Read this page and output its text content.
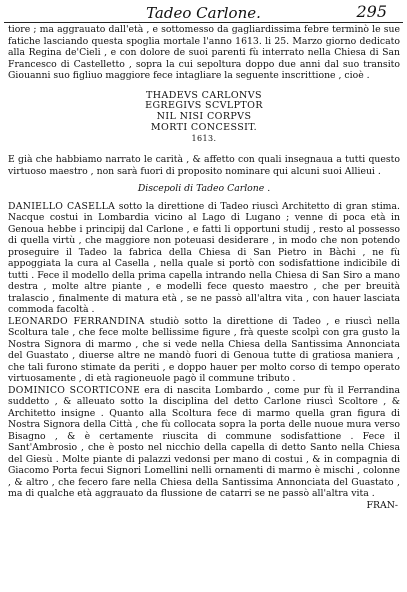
Tadeo Carlone.	295

tiore ; ma aggrauato dall'età , e sottomesso da gagliardissima febre terminò le sue fatiche lasciando questa spoglia mortale l'anno 1613. li 25. Marzo giorno dedicato alla Regina de'Cieli , e con dolore de suoi parenti fù interrato nella Chiesa di San Francesco di Castelletto , sopra la cui sepoltura doppo due anni dal suo transito Giouanni suo figliuo maggiore fece intagliare la seguente inscrittione , cioè .

THADEVS CARLONVS
EGREGIVS SCVLPTOR
NIL NISI CORPVS
MORTI CONCESSIT.
1613.

E già che habbiamo narrato le carità , & affetto con quali insegnaua a tutti questo virtuoso maestro , non sarà fuori di proposito nominare qui alcuni suoi Allieui .

Discepoli di Tadeo Carlone .

DANIELLO CASELLA sotto la direttione di Tadeo riuscì Architetto di gran stima. Nacque costui in Lombardia vicino al Lago di Lugano ; venne di poca età in Genoua hebbe i principij dal Carlone , e fatti li opportuni studij , resto al possesso di quella virtù , che maggiore non poteuasi desiderare , in modo che non potendo proseguire il Tadeo la fabrica della Chiesa di San Pietro in Bàchi , ne fù appoggiata la cura al Casella , nella quale si portò con sodisfattione indicibile di tutti . Fece il modello della prima capella intrando nella Chiesa di San Siro a mano destra , molte altre piante , e modelli fece questo maestro , che per breuità tralascio , finalmente di matura età , se ne passò all'altra vita , con hauer lasciata commoda facoltà .

LEONARDO FERRANDINA studiò sotto la direttione di Tadeo , e riuscì nella Scoltura tale , che fece molte bellissime figure , frà queste scolpì con gra gusto la Nostra Signora di marmo , che si vede nella Chiesa della Santissima Annonciata del Guastato , diuerse altre ne mandò fuori di Genoua tutte di gratiosa maniera , che tali furono stimate da periti , e doppo hauer per molto corso di tempo operato virtuosamente , di età ragioneuole pagò il commune tributo .

DOMINICO SCORTICONE era di nascita Lombardo , come pur fù il Ferrandina suddetto , & alleuato sotto la disciplina del detto Carlone riuscì Scoltore , & Architetto insigne . Quanto alla Scoltura fece di marmo quella gran figura di Nostra Signora della Città , che fù collocata sopra la porta delle nuoue mura verso Bisagno , & è certamente riuscita di commune sodisfattione . Fece il Sant'Ambrosio , che è posto nel nicchio della capella di detto Santo nella Chiesa del Giesù . Molte piante di palazzi vedonsi per mano di costui , & in compagnia di Giacomo Porta fecui Signori Lomellini nelli ornamenti di marmo è mischi , colonne , & altro , che fecero fare nella Chiesa della Santissima Annonciata del Guastato , ma di qualche età aggrauato da flussione de catarri se ne passò all'altra vita .

FRAN-
